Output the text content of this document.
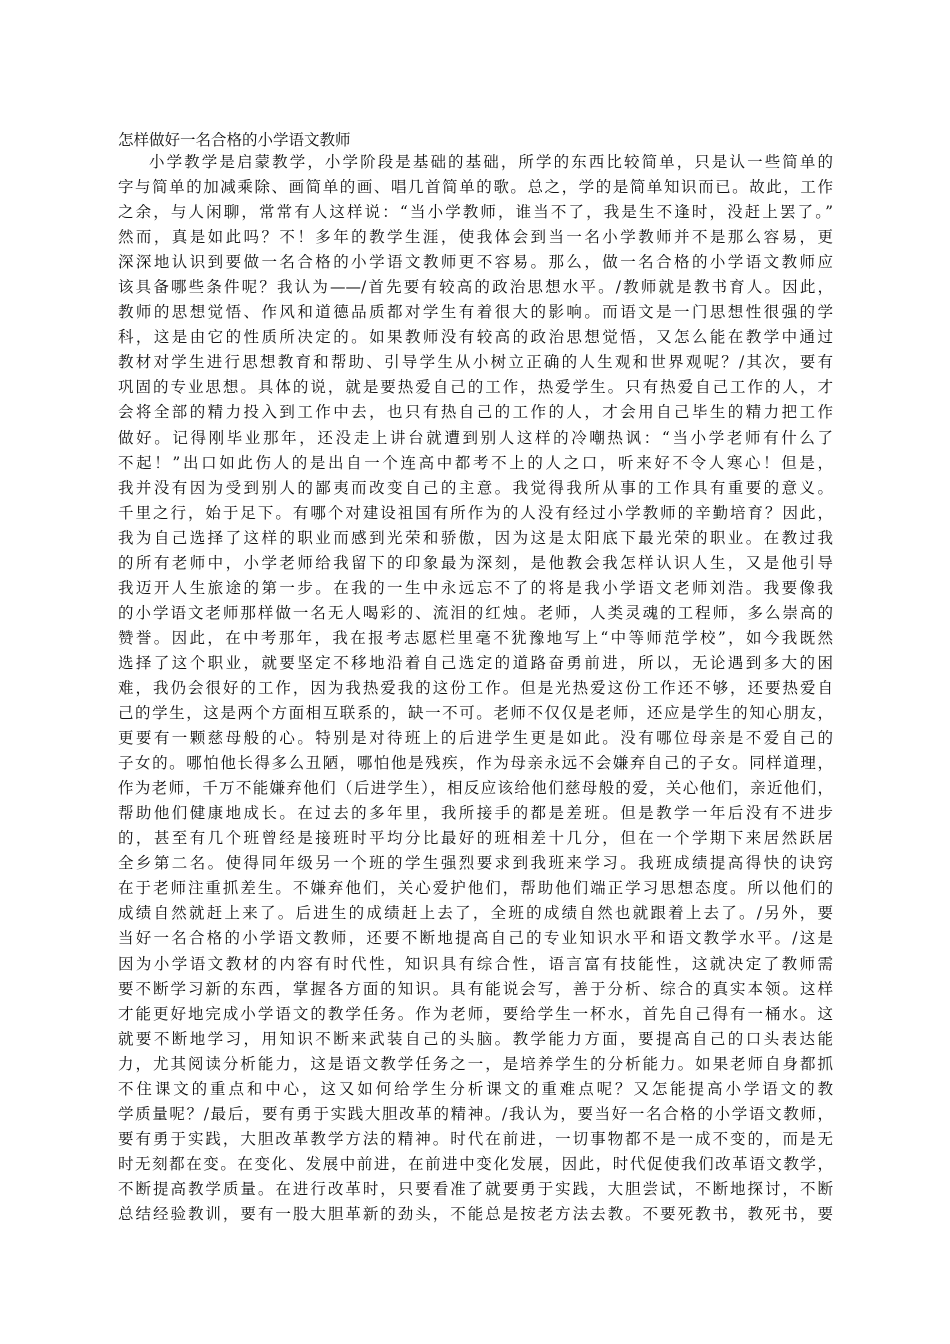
怎样做好一名合格的小学语文教师
小学教学是启蒙教学，小学阶段是基础的基础，所学的东西比较简单，只是认一些简单的
字与简单的加减乘除、画简单的画、唱几首简单的歌。总之，学的是简单知识而已。故此，工作
之余，与人闲聊，常常有人这样说：“当小学教师，谁当不了，我是生不逢时，没赶上罢了。”
然而，真是如此吗？不！多年的教学生涯，使我体会到当一名小学教师并不是那么容易，更
深深地认识到要做一名合格的小学语文教师更不容易。那么，做一名合格的小学语文教师应
该具备哪些条件呢？我认为——/首先要有较高的政治思想水平。/教师就是教书育人。因此，
教师的思想觉悟、作风和道德品质都对学生有着很大的影响。而语文是一门思想性很强的学
科，这是由它的性质所决定的。如果教师没有较高的政治思想觉悟，又怎么能在教学中通过
教材对学生进行思想教育和帮助、引导学生从小树立正确的人生观和世界观呢？/其次，要有
巩固的专业思想。具体的说，就是要热爱自己的工作，热爱学生。只有热爱自己工作的人，才
会将全部的精力投入到工作中去，也只有热自己的工作的人，才会用自己毕生的精力把工作
做好。记得刚毕业那年，还没走上讲台就遭到别人这样的冷嘲热讽：“当小学老师有什么了
不起！”出口如此伤人的是出自一个连高中都考不上的人之口，听来好不令人寒心！但是，
我并没有因为受到别人的鄙夷而改变自己的主意。我觉得我所从事的工作具有重要的意义。
千里之行，始于足下。有哪个对建设祖国有所作为的人没有经过小学教师的辛勤培育？因此，
我为自己选择了这样的职业而感到光荣和骄傲，因为这是太阳底下最光荣的职业。在教过我
的所有老师中，小学老师给我留下的印象最为深刻，是他教会我怎样认识人生，又是他引导
我迈开人生旅途的第一步。在我的一生中永远忘不了的将是我小学语文老师刘浩。我要像我
的小学语文老师那样做一名无人喝彩的、流泪的红烛。老师，人类灵魂的工程师，多么崇高的
赞誉。因此，在中考那年，我在报考志愿栏里毫不犹豫地写上“中等师范学校”，如今我既然
选择了这个职业，就要坚定不移地沿着自己选定的道路奋勇前进，所以，无论遇到多大的困
难，我仍会很好的工作，因为我热爱我的这份工作。但是光热爱这份工作还不够，还要热爱自
己的学生，这是两个方面相互联系的，缺一不可。老师不仅仅是老师，还应是学生的知心朋友，
更要有一颗慈母般的心。特别是对待班上的后进学生更是如此。没有哪位母亲是不爱自己的
子女的。哪怕他长得多么丑陋，哪怕他是残疾，作为母亲永远不会嫌弃自己的子女。同样道理，
作为老师，千万不能嫌弃他们（后进学生），相反应该给他们慈母般的爱，关心他们，亲近他们，
帮助他们健康地成长。在过去的多年里，我所接手的都是差班。但是教学一年后没有不进步
的，甚至有几个班曾经是接班时平均分比最好的班相差十几分，但在一个学期下来居然跃居
全乡第二名。使得同年级另一个班的学生强烈要求到我班来学习。我班成绩提高得快的诀窍
在于老师注重抓差生。不嫌弃他们，关心爱护他们，帮助他们端正学习思想态度。所以他们的
成绩自然就赶上来了。后进生的成绩赶上去了，全班的成绩自然也就跟着上去了。/另外，要
当好一名合格的小学语文教师，还要不断地提高自己的专业知识水平和语文教学水平。/这是
因为小学语文教材的内容有时代性，知识具有综合性，语言富有技能性，这就决定了教师需
要不断学习新的东西，掌握各方面的知识。具有能说会写，善于分析、综合的真实本领。这样
才能更好地完成小学语文的教学任务。作为老师，要给学生一杯水，首先自己得有一桶水。这
就要不断地学习，用知识不断来武装自己的头脑。教学能力方面，要提高自己的口头表达能
力，尤其阅读分析能力，这是语文教学任务之一，是培养学生的分析能力。如果老师自身都抓
不住课文的重点和中心，这又如何给学生分析课文的重难点呢？又怎能提高小学语文的教
学质量呢？/最后，要有勇于实践大胆改革的精神。/我认为，要当好一名合格的小学语文教师，
要有勇于实践，大胆改革教学方法的精神。时代在前进，一切事物都不是一成不变的，而是无
时无刻都在变。在变化、发展中前进，在前进中变化发展，因此，时代促使我们改革语文教学，
不断提高教学质量。在进行改革时，只要看准了就要勇于实践，大胆尝试，不断地探讨，不断
总结经验教训，要有一股大胆革新的劲头，不能总是按老方法去教。不要死教书，教死书，要
